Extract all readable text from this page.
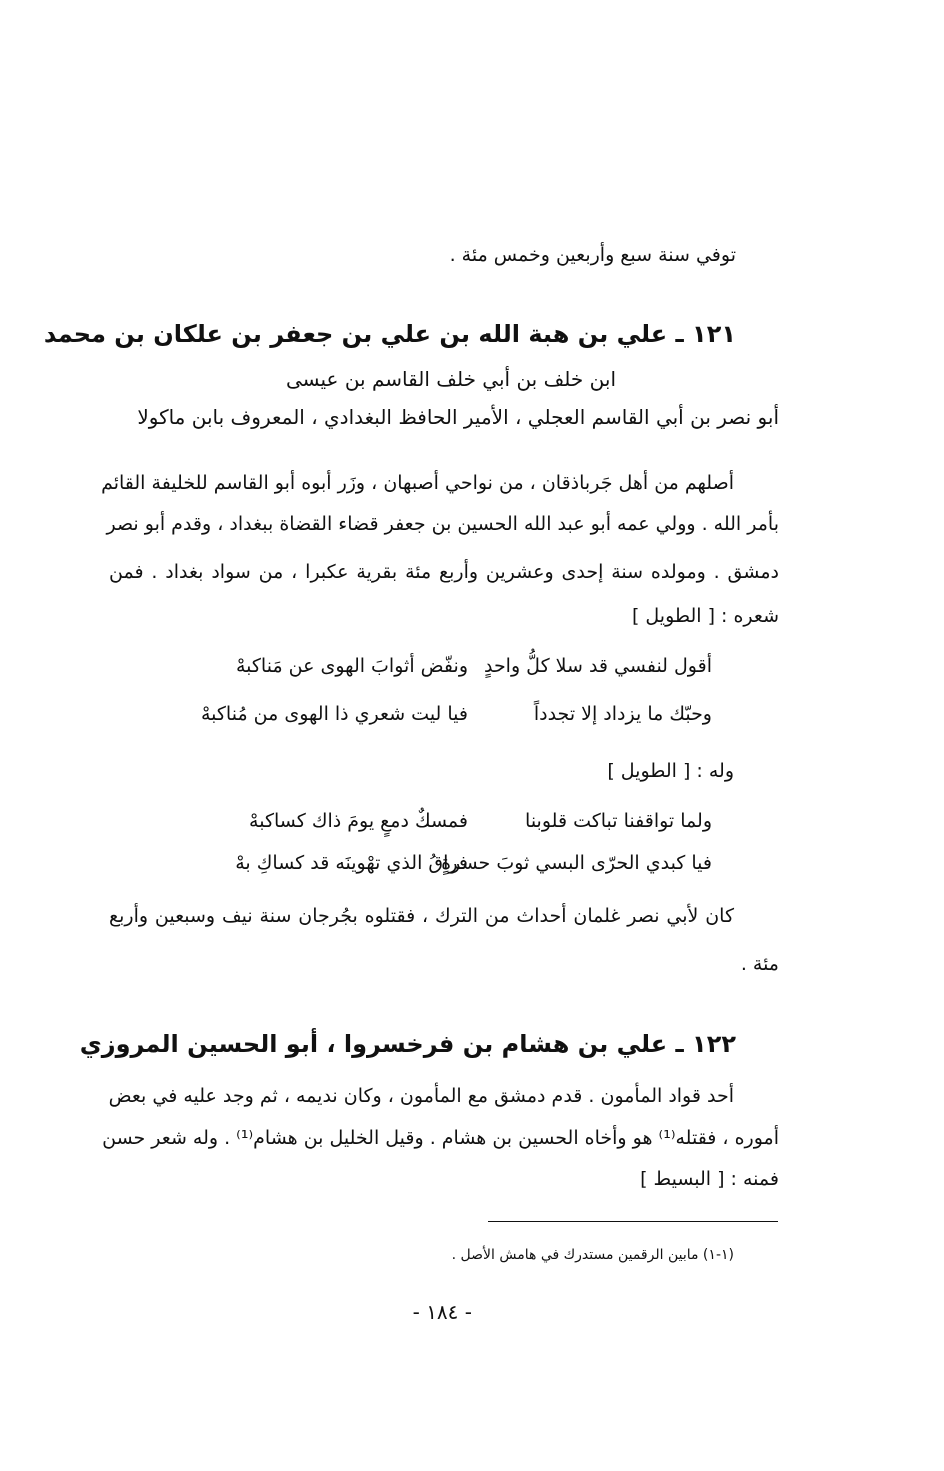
توفي سنة سبع وأربعين وخمس مئة .
١٢١ ـ علي بن هبة الله بن علي بن جعفر بن علكان بن محمد
ابن خلف بن أبي خلف القاسم بن عيسى
أبو نصر بن أبي القاسم العجلي ، الأمير الحافظ البغدادي ، المعروف بابن ماكولا
أصلهم من أهل جَرباذقان ، من نواحي أصبهان ، وزَر أبوه أبو القاسم للخليفة القائم
بأمر الله . وولي عمه أبو عبد الله الحسين بن جعفر قضاء القضاة ببغداد ، وقدم أبو نصر
دمشق . ومولده سنة إحدى وعشرين وأربع مئة بقرية عكبرا ، من سواد بغداد . فمن
شعره : [ الطويل ]
أقول لنفسي قد سلا كلُّ واحدٍ
ونفّض أثوابَ الهوى عن مَناكبهْ
وحبّك ما يزداد إلا تجدداً
فيا ليت شعري ذا الهوى من مُناكبهْ
وله : [ الطويل ]
ولما تواقفنا تباكت قلوبنا
فمسكٌ دمعٍ يومَ ذاك كساكبهْ
فيا كبدي الحرّى البسي ثوبَ حسرةٍ
فراقُ الذي تهْوينَه قد كساكِ بهْ
كان لأبي نصر غلمان أحداث من الترك ، فقتلوه بجُرجان سنة نيف وسبعين وأربع
مئة .
١٢٢ ـ علي بن هشام بن فرخسروا ، أبو الحسين المروزي
أحد قواد المأمون . قدم دمشق مع المأمون ، وكان نديمه ، ثم وجد عليه في بعض
أموره ، فقتله⁽¹⁾ هو وأخاه الحسين بن هشام . وقيل الخليل بن هشام⁽¹⁾ . وله شعر حسن
فمنه : [ البسيط ]
(١-١) مابين الرقمين مستدرك في هامش الأصل .
- ١٨٤ -
